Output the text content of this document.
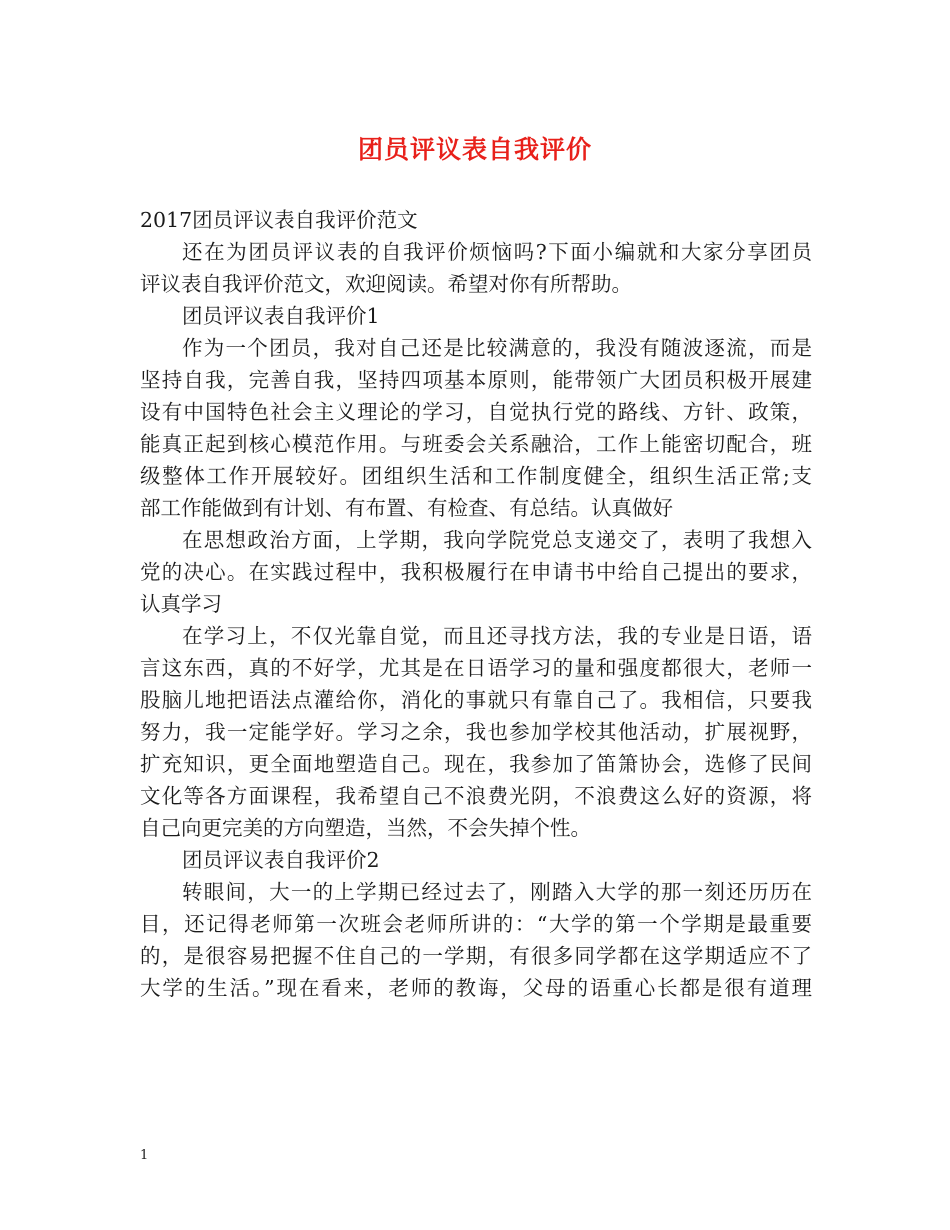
团员评议表自我评价
2017团员评议表自我评价范文
还在为团员评议表的自我评价烦恼吗?下面小编就和大家分享团员
评议表自我评价范文，欢迎阅读。希望对你有所帮助。
团员评议表自我评价1
作为一个团员，我对自己还是比较满意的，我没有随波逐流，而是
坚持自我，完善自我，坚持四项基本原则，能带领广大团员积极开展建
设有中国特色社会主义理论的学习，自觉执行党的路线、方针、政策，
能真正起到核心模范作用。与班委会关系融洽，工作上能密切配合，班
级整体工作开展较好。团组织生活和工作制度健全，组织生活正常;支
部工作能做到有计划、有布置、有检查、有总结。认真做好
在思想政治方面，上学期，我向学院党总支递交了，表明了我想入
党的决心。在实践过程中，我积极履行在申请书中给自己提出的要求，
认真学习
在学习上，不仅光靠自觉，而且还寻找方法，我的专业是日语，语
言这东西，真的不好学，尤其是在日语学习的量和强度都很大，老师一
股脑儿地把语法点灌给你，消化的事就只有靠自己了。我相信，只要我
努力，我一定能学好。学习之余，我也参加学校其他活动，扩展视野，
扩充知识，更全面地塑造自己。现在，我参加了笛箫协会，选修了民间
文化等各方面课程，我希望自己不浪费光阴，不浪费这么好的资源，将
自己向更完美的方向塑造，当然，不会失掉个性。
团员评议表自我评价2
转眼间，大一的上学期已经过去了，刚踏入大学的那一刻还历历在
目，还记得老师第一次班会老师所讲的：“大学的第一个学期是最重要
的，是很容易把握不住自己的一学期，有很多同学都在这学期适应不了
大学的生活。”现在看来，老师的教诲，父母的语重心长都是很有道理
1
